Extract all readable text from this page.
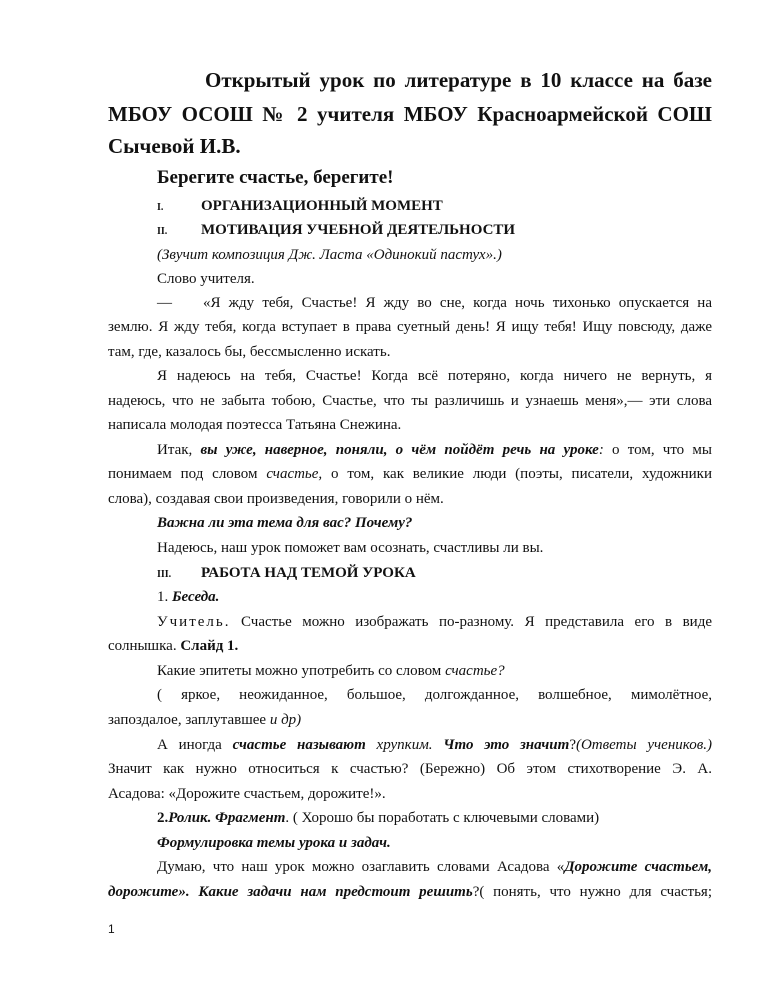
Открытый урок по литературе в 10 классе на базе
МБОУ ОСОШ № 2 учителя МБОУ Красноармейской СОШ
Сычевой И.В.
Берегите счастье, берегите!
I.	ОРГАНИЗАЦИОННЫЙ МОМЕНТ
II. МОТИВАЦИЯ УЧЕБНОЙ ДЕЯТЕЛЬНОСТИ
(Звучит композиция Дж. Ласта «Одинокий пастух».)
Слово учителя.
—	«Я жду тебя, Счастье! Я жду во сне, когда ночь тихонько опускается на
землю. Я жду тебя, когда вступает в права суетный день! Я ищу тебя! Ищу повсюду, даже
там, где, казалось бы, бессмысленно искать.
Я надеюсь на тебя, Счастье! Когда всё потеряно, когда ничего не вернуть, я
надеюсь, что не забыта тобою, Счастье, что ты различишь и узнаешь меня»,— эти слова
написала молодая поэтесса Татьяна Снежина.
Итак, вы уже, наверное, поняли, о чём пойдёт речь на уроке: о том, что мы
понимаем под словом счастье, о том, как великие люди (поэты, писатели, художники
слова), создавая свои произведения, говорили о нём.
Важна ли эта тема для вас? Почему?
Надеюсь, наш урок поможет вам осознать, счастливы ли вы.
III. РАБОТА НАД ТЕМОЙ УРОКА
1. Беседа.
Учитель. Счастье можно изображать по-разному. Я представила его в виде
солнышка. Слайд 1.
Какие эпитеты можно употребить со словом счастье?
( яркое, неожиданное, большое, долгожданное, волшебное, мимолётное,
запоздалое, заплутавшее и др)
А иногда счастье называют хрупким. Что это значит?(Ответы учеников.)
Значит как нужно относиться к счастью? (Бережно) Об этом стихотворение Э. А.
Асадова: «Дорожите счастьем, дорожите!».
2.Ролик. Фрагмент. ( Хорошо бы поработать с ключевыми словами)
Формулировка темы урока и задач.
Думаю, что наш урок можно озаглавить словами Асадова «Дорожите счастьем,
дорожите». Какие задачи нам предстоит решить?( понять, что нужно для счастья;
1
